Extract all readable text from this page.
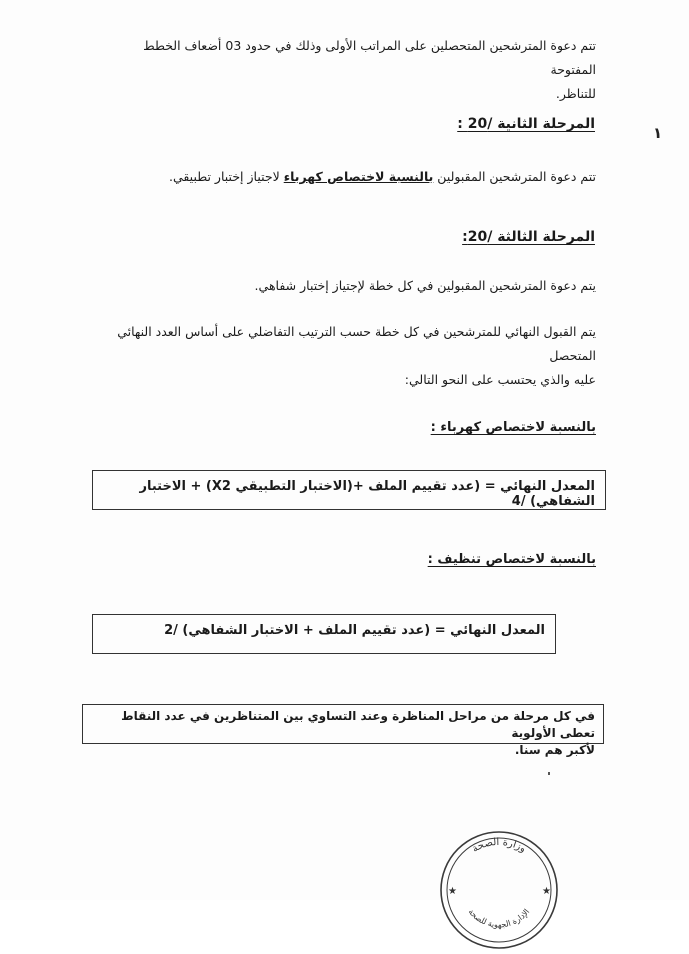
تتم دعوة المترشحين المتحصلين على المراتب الأولى وذلك في حدود 03 أضعاف الخطط المفتوحة
للتناظر.
١
المرحلة الثانية /20 :
تتم دعوة المترشحين المقبولين بالنسبة لاختصاص كهرباء لاجتياز إختبار تطبيقي.
المرحلة الثالثة /20:
يتم دعوة المترشحين المقبولين في كل خطة لإجتياز إختبار شفاهي.
يتم القبول النهائي للمترشحين في كل خطة حسب الترتيب التفاضلي على أساس العدد النهائي المتحصل
عليه والذي يحتسب على النحو التالي:
بالنسبة لاختصاص كهرباء :
المعدل النهائي = (عدد تقييم الملف +(الاختبار التطبيقي X2) + الاختبار الشفاهي) /4
بالنسبة لاختصاص تنظيف :
المعدل النهائي = (عدد تقييم الملف + الاختبار الشفاهي) /2
في كل مرحلة من مراحل المناظرة وعند التساوي بين المتناظرين في عدد النقاط تعطى الأولوية
لأكبر هم سنا.
وزارة الصحة
الإدارة الجهوية للصحة
★	★
